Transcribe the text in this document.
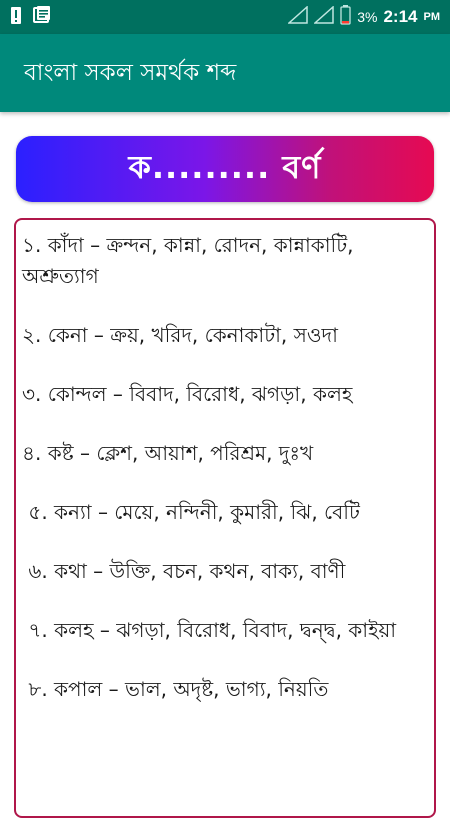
3% 2:14 PM
বাংলা সকল সমর্থক শব্দ
ক......... বর্ণ

১. কাঁদা – ক্রন্দন, কান্না, রোদন, কান্নাকাটি, অশ্রুত্যাগ

২. কেনা – ক্রয়, খরিদ, কেনাকাটা, সওদা

৩. কোন্দল – বিবাদ, বিরোধ, ঝগড়া, কলহ

৪. কষ্ট – ক্লেশ, আয়াশ, পরিশ্রম, দুঃখ

৫. কন্যা – মেয়ে, নন্দিনী, কুমারী, ঝি, বেটি

৬. কথা – উক্তি, বচন, কথন, বাক্য, বাণী

৭. কলহ – ঝগড়া, বিরোধ, বিবাদ, দ্বন্দ্ব, কাইয়া

৮. কপাল – ভাল, অদৃষ্ট, ভাগ্য, নিয়তি
